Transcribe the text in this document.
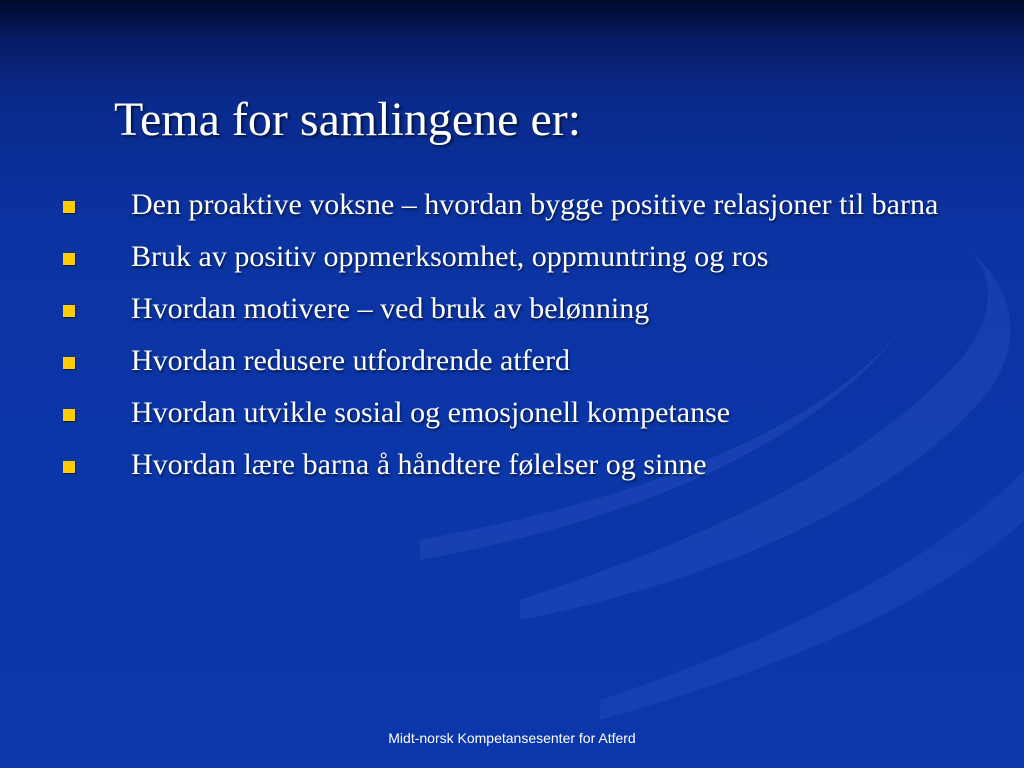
Tema for samlingene er:
Den proaktive voksne – hvordan bygge positive relasjoner til barna
Bruk av positiv oppmerksomhet, oppmuntring og ros
Hvordan motivere – ved bruk av belønning
Hvordan redusere utfordrende atferd
Hvordan utvikle sosial og emosjonell kompetanse
Hvordan lære barna å håndtere følelser og sinne
Midt-norsk Kompetansesenter for Atferd
